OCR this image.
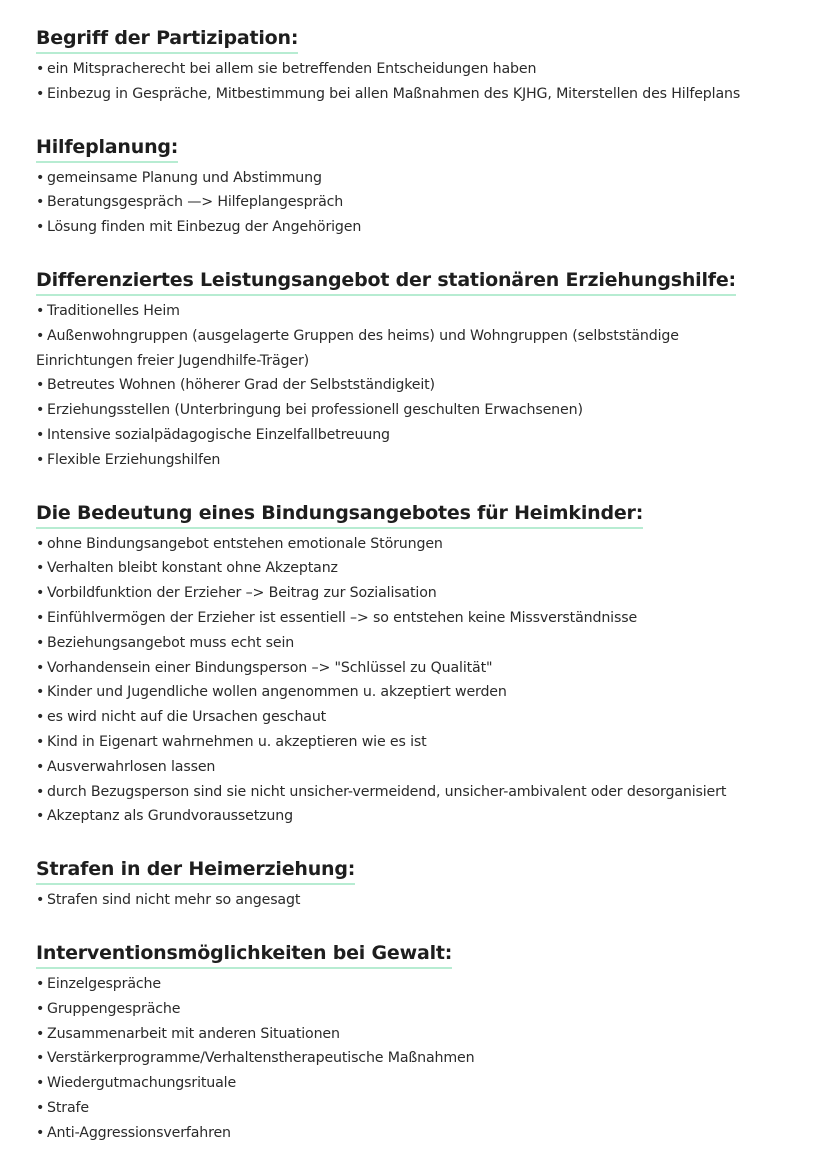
Begriff der Partizipation:
• ein Mitspracherecht bei allem sie betreffenden Entscheidungen haben
• Einbezug in Gespräche, Mitbestimmung bei allen Maßnahmen des KJHG, Miterstellen des Hilfeplans
Hilfeplanung:
• gemeinsame Planung und Abstimmung
• Beratungsgespräch —> Hilfeplangespräch
• Lösung finden mit Einbezug der Angehörigen
Differenziertes Leistungsangebot der stationären Erziehungshilfe:
• Traditionelles Heim
• Außenwohngruppen (ausgelagerte Gruppen des heims) und Wohngruppen (selbstständige Einrichtungen freier Jugendhilfe-Träger)
• Betreutes Wohnen (höherer Grad der Selbstständigkeit)
• Erziehungsstellen (Unterbringung bei professionell geschulten Erwachsenen)
• Intensive sozialpädagogische Einzelfallbetreuung
• Flexible Erziehungshilfen
Die Bedeutung eines Bindungsangebotes für Heimkinder:
• ohne Bindungsangebot entstehen emotionale Störungen
• Verhalten bleibt konstant ohne Akzeptanz
• Vorbildfunktion der Erzieher –> Beitrag zur Sozialisation
• Einfühlvermögen der Erzieher ist essentiell –> so entstehen keine Missverständnisse
• Beziehungsangebot muss echt sein
• Vorhandensein einer Bindungsperson –> "Schlüssel zu Qualität"
• Kinder und Jugendliche wollen angenommen u. akzeptiert werden
• es wird nicht auf die Ursachen geschaut
• Kind in Eigenart wahrnehmen u. akzeptieren wie es ist
• Ausverwahrlosen lassen
• durch Bezugsperson sind sie nicht unsicher-vermeidend, unsicher-ambivalent oder desorganisiert
• Akzeptanz als Grundvoraussetzung
Strafen in der Heimerziehung:
• Strafen sind nicht mehr so angesagt
Interventionsmöglichkeiten bei Gewalt:
• Einzelgespräche
• Gruppengespräche
• Zusammenarbeit mit anderen Situationen
• Verstärkerprogramme/Verhaltenstherapeutische Maßnahmen
• Wiedergutmachungsrituale
• Strafe
• Anti-Aggressionsverfahren
